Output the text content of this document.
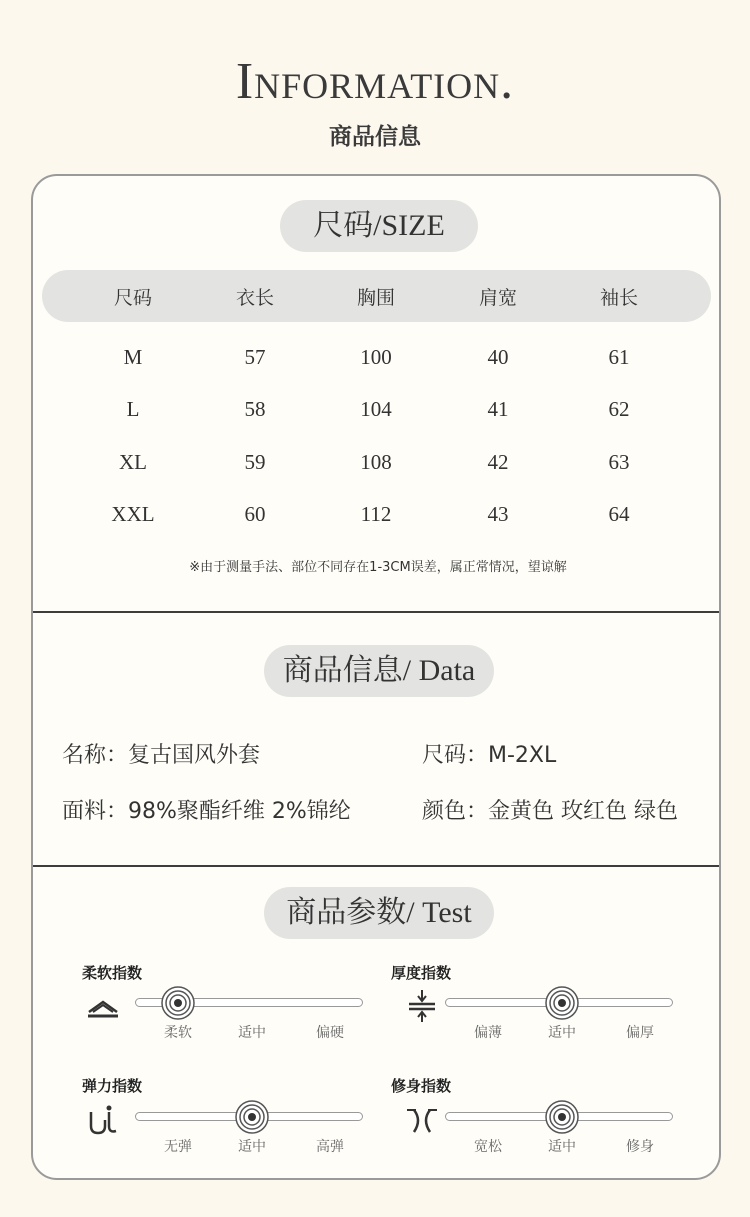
Information.
商品信息
尺码/SIZE
尺码	衣长	胸围	肩宽	袖长
M	57	100	40	61
L	58	104	41	62
XL	59	108	42	63
XXL	60	112	43	64
※由于测量手法、部位不同存在1-3CM误差，属正常情况，望谅解
商品信息/ Data
名称：复古国风外套	尺码：M-2XL
面料：98%聚酯纤维 2%锦纶	颜色：金黄色 玫红色 绿色
商品参数/ Test
柔软指数
柔软	适中	偏硬
厚度指数
偏薄	适中	偏厚
弹力指数
无弹	适中	高弹
修身指数
宽松	适中	修身
